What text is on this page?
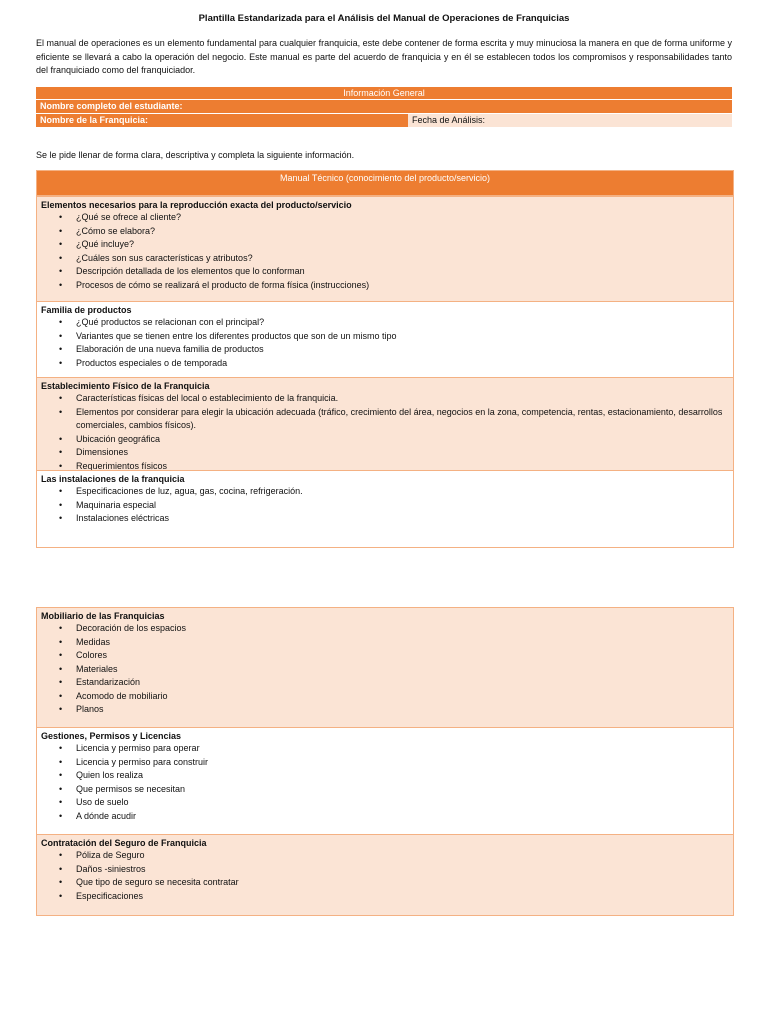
Plantilla Estandarizada para el Análisis del Manual de Operaciones de Franquicias
El manual de operaciones es un elemento fundamental para cualquier franquicia, este debe contener de forma escrita y muy minuciosa la manera en que de forma uniforme y eficiente se llevará a cabo la operación del negocio. Este manual es parte del acuerdo de franquicia y en él se establecen todos los compromisos y responsabilidades tanto del franquiciado como del franquiciador.
Información General
Nombre completo del estudiante:
Nombre de la Franquicia:	Fecha de Análisis:
Se le pide llenar de forma clara, descriptiva y completa la siguiente información.
Manual Técnico (conocimiento del producto/servicio)
Elementos necesarios para la reproducción exacta del producto/servicio
• ¿Qué se ofrece al cliente?
• ¿Cómo se elabora?
• ¿Qué incluye?
• ¿Cuáles son sus características y atributos?
• Descripción detallada de los elementos que lo conforman
• Procesos de cómo se realizará el producto de forma física (instrucciones)
Familia de productos
• ¿Qué productos se relacionan con el principal?
• Variantes que se tienen entre los diferentes productos que son de un mismo tipo
• Elaboración de una nueva familia de productos
• Productos especiales o de temporada
Establecimiento Físico de la Franquicia
• Características físicas del local o establecimiento de la franquicia.
• Elementos por considerar para elegir la ubicación adecuada (tráfico, crecimiento del área, negocios en la zona, competencia, rentas, estacionamiento, desarrollos comerciales, cambios físicos).
• Ubicación geográfica
• Dimensiones
• Requerimientos físicos
Las instalaciones de la franquicia
• Especificaciones de luz, agua, gas, cocina, refrigeración.
• Maquinaria especial
• Instalaciones eléctricas
Mobiliario de las Franquicias
• Decoración de los espacios
• Medidas
• Colores
• Materiales
• Estandarización
• Acomodo de mobiliario
• Planos
Gestiones, Permisos y Licencias
• Licencia y permiso para operar
• Licencia y permiso para construir
• Quien los realiza
• Que permisos se necesitan
• Uso de suelo
• A dónde acudir
Contratación del Seguro de Franquicia
• Póliza de Seguro
• Daños -siniestros
• Que tipo de seguro se necesita contratar
• Especificaciones
